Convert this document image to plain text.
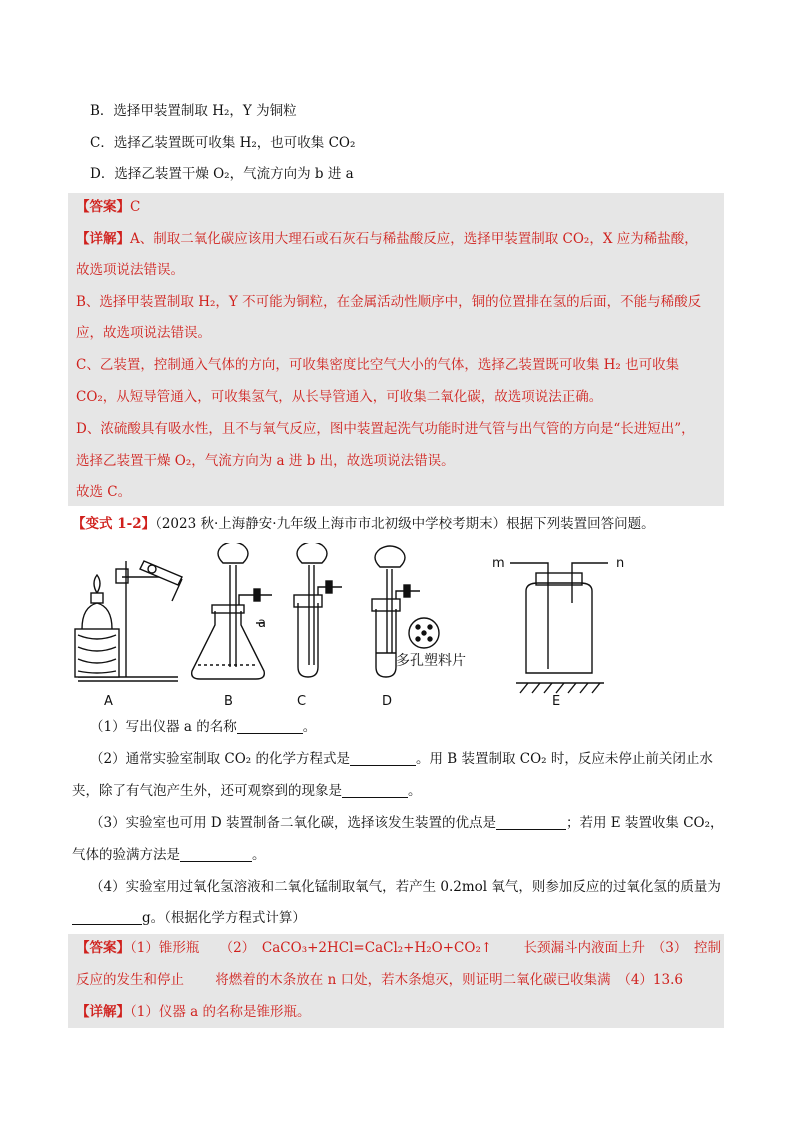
B．选择甲装置制取 H₂，Y 为铜粒
C．选择乙装置既可收集 H₂，也可收集 CO₂
D．选择乙装置干燥 O₂，气流方向为 b 进 a
【答案】C
【详解】A、制取二氧化碳应该用大理石或石灰石与稀盐酸反应，选择甲装置制取 CO₂，X 应为稀盐酸，
故选项说法错误。
B、选择甲装置制取 H₂，Y 不可能为铜粒，在金属活动性顺序中，铜的位置排在氢的后面，不能与稀酸反
应，故选项说法错误。
C、乙装置，控制通入气体的方向，可收集密度比空气大小的气体，选择乙装置既可收集 H₂ 也可收集
CO₂，从短导管通入，可收集氢气，从长导管通入，可收集二氧化碳，故选项说法正确。
D、浓硫酸具有吸水性，且不与氧气反应，图中装置起洗气功能时进气管与出气管的方向是“长进短出”，
选择乙装置干燥 O₂，气流方向为 a 进 b 出，故选项说法错误。
故选 C。
【变式 1-2】（2023 秋·上海静安·九年级上海市市北初级中学校考期末）根据下列装置回答问题。
A	B	C	D	E
a
多孔塑料片
m	n
（1）写出仪器 a 的名称	。
（2）通常实验室制取 CO₂ 的化学方程式是	。用 B 装置制取 CO₂ 时，反应未停止前关闭止水
夹，除了有气泡产生外，还可观察到的现象是	。
（3）实验室也可用 D 装置制备二氧化碳，选择该发生装置的优点是	；若用 E 装置收集 CO₂，
气体的验满方法是	。
（4）实验室用过氧化氢溶液和二氧化锰制取氧气，若产生 0.2mol 氧气，则参加反应的过氧化氢的质量为
g。（根据化学方程式计算）
【答案】（1）锥形瓶　　（2）　CaCO₃+2HCl=CaCl₂+H₂O+CO₂↑　　 长颈漏斗内液面上升　（3）　控制
反应的发生和停止　　 将燃着的木条放在 n 口处，若木条熄灭，则证明二氧化碳已收集满　（4）13.6
【详解】（1）仪器 a 的名称是锥形瓶。
